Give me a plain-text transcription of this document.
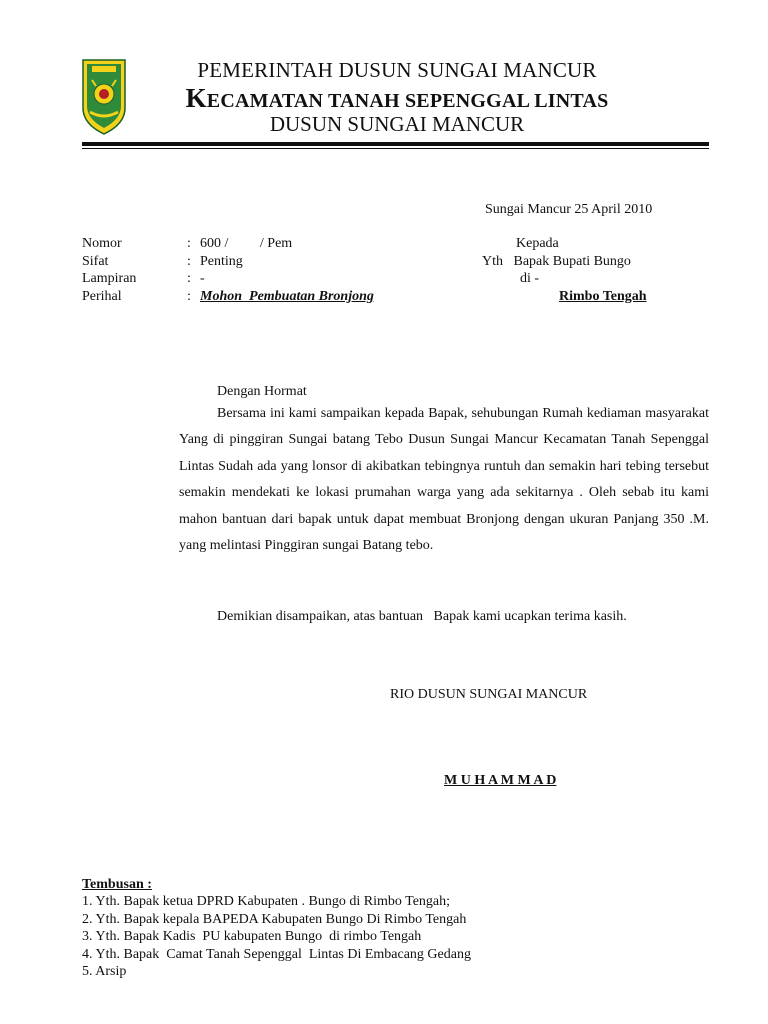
PEMERINTAH DUSUN SUNGAI MANCUR
KECAMATAN TANAH SEPENGGAL LINTAS
DUSUN SUNGAI MANCUR
Sungai Mancur 25 April 2010
Nomor	: 600 /         / Pem
Sifat	: Penting
Lampiran	: -
Perihal	: Mohon  Pembuatan Bronjong
Kepada
Yth   Bapak Bupati Bungo
di -
Rimbo Tengah
Dengan Hormat
Bersama ini kami sampaikan kepada Bapak, sehubungan Rumah kediaman masyarakat Yang di pinggiran Sungai batang Tebo Dusun Sungai Mancur Kecamatan Tanah Sepenggal Lintas Sudah ada yang lonsor di akibatkan tebingnya runtuh dan semakin hari tebing tersebut semakin mendekati ke lokasi prumahan warga yang ada sekitarnya . Oleh sebab itu kami mahon bantuan dari bapak untuk dapat membuat Bronjong dengan ukuran Panjang 350 .M. yang melintasi Pinggiran sungai Batang tebo.
Demikian disampaikan, atas bantuan   Bapak kami ucapkan terima kasih.
RIO DUSUN SUNGAI MANCUR
M U H A M M A D
Tembusan :
1. Yth. Bapak ketua DPRD Kabupaten . Bungo di Rimbo Tengah;
2. Yth. Bapak kepala BAPEDA Kabupaten Bungo Di Rimbo Tengah
3. Yth. Bapak Kadis  PU kabupaten Bungo  di rimbo Tengah
4. Yth. Bapak  Camat Tanah Sepenggal  Lintas Di Embacang Gedang
5. Arsip
